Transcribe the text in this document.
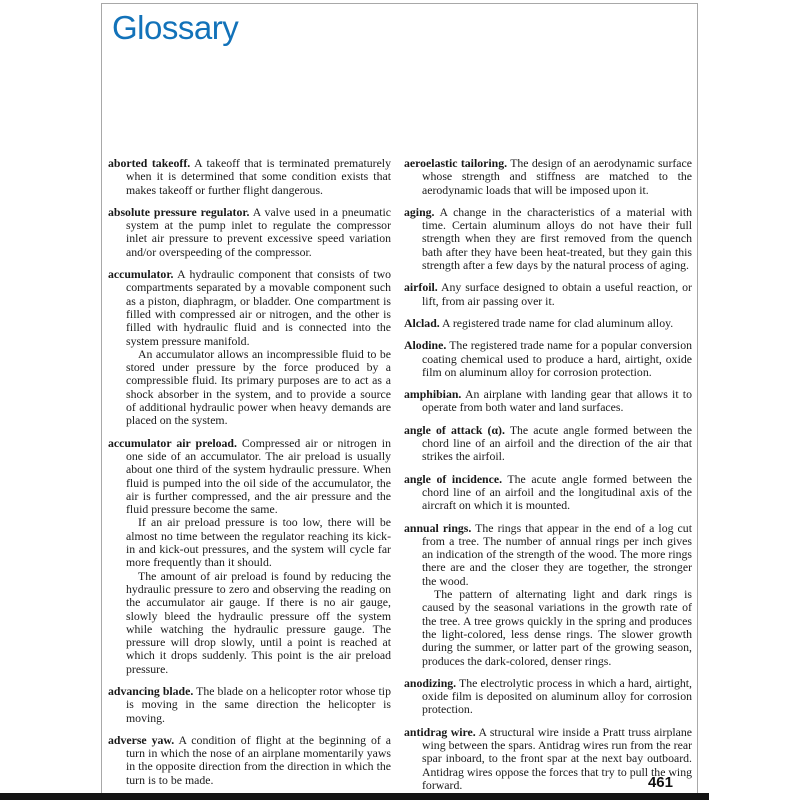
Glossary

aborted takeoff. A takeoff that is terminated prematurely when it is determined that some condition exists that makes takeoff or further flight dangerous.

absolute pressure regulator. A valve used in a pneumatic system at the pump inlet to regulate the compressor inlet air pressure to prevent excessive speed variation and/or overspeeding of the compressor.

accumulator. A hydraulic component that consists of two compartments separated by a movable component such as a piston, diaphragm, or bladder. One compartment is filled with compressed air or nitrogen, and the other is filled with hydraulic fluid and is connected into the system pressure manifold.

An accumulator allows an incompressible fluid to be stored under pressure by the force produced by a compressible fluid. Its primary purposes are to act as a shock absorber in the system, and to provide a source of additional hydraulic power when heavy demands are placed on the system.

accumulator air preload. Compressed air or nitrogen in one side of an accumulator. The air preload is usually about one third of the system hydraulic pressure. When fluid is pumped into the oil side of the accumulator, the air is further compressed, and the air pressure and the fluid pressure become the same.

If an air preload pressure is too low, there will be almost no time between the regulator reaching its kick-in and kick-out pressures, and the system will cycle far more frequently than it should.

The amount of air preload is found by reducing the hydraulic pressure to zero and observing the reading on the accumulator air gauge. If there is no air gauge, slowly bleed the hydraulic pressure off the system while watching the hydraulic pressure gauge. The pressure will drop slowly, until a point is reached at which it drops suddenly. This point is the air preload pressure.

advancing blade. The blade on a helicopter rotor whose tip is moving in the same direction the helicopter is moving.

adverse yaw. A condition of flight at the beginning of a turn in which the nose of an airplane momentarily yaws in the opposite direction from the direction in which the turn is to be made.

aeroelastic tailoring. The design of an aerodynamic surface whose strength and stiffness are matched to the aerodynamic loads that will be imposed upon it.

aging. A change in the characteristics of a material with time. Certain aluminum alloys do not have their full strength when they are first removed from the quench bath after they have been heat-treated, but they gain this strength after a few days by the natural process of aging.

airfoil. Any surface designed to obtain a useful reaction, or lift, from air passing over it.

Alclad. A registered trade name for clad aluminum alloy.

Alodine. The registered trade name for a popular conversion coating chemical used to produce a hard, airtight, oxide film on aluminum alloy for corrosion protection.

amphibian. An airplane with landing gear that allows it to operate from both water and land surfaces.

angle of attack (α). The acute angle formed between the chord line of an airfoil and the direction of the air that strikes the airfoil.

angle of incidence. The acute angle formed between the chord line of an airfoil and the longitudinal axis of the aircraft on which it is mounted.

annual rings. The rings that appear in the end of a log cut from a tree. The number of annual rings per inch gives an indication of the strength of the wood. The more rings there are and the closer they are together, the stronger the wood.

The pattern of alternating light and dark rings is caused by the seasonal variations in the growth rate of the tree. A tree grows quickly in the spring and produces the light-colored, less dense rings. The slower growth during the summer, or latter part of the growing season, produces the dark-colored, denser rings.

anodizing. The electrolytic process in which a hard, airtight, oxide film is deposited on aluminum alloy for corrosion protection.

antidrag wire. A structural wire inside a Pratt truss airplane wing between the spars. Antidrag wires run from the rear spar inboard, to the front spar at the next bay outboard. Antidrag wires oppose the forces that try to pull the wing forward.	461
